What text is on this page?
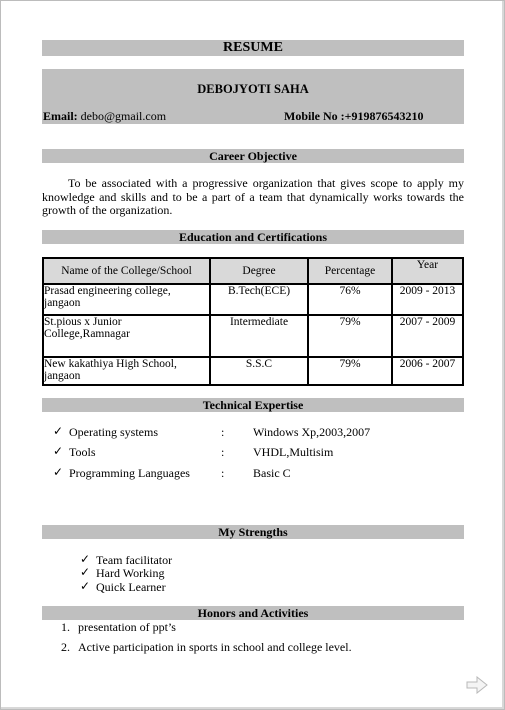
RESUME
DEBOJYOTI SAHA
Email: debo@gmail.com	Mobile No :+919876543210
Career Objective
To be associated with a progressive organization that gives scope to apply my knowledge and skills and to be a part of a team that dynamically works towards the growth of the organization.
Education and Certifications
Name of the College/School	Degree	Percentage	Year
Prasad engineering college, jangaon	B.Tech(ECE)	76%	2009 - 2013
St.pious x Junior College,Ramnagar	Intermediate	79%	2007 - 2009
New kakathiya High School, jangaon	S.S.C	79%	2006 - 2007
Technical Expertise
✓ Operating systems	: Windows Xp,2003,2007
✓ Tools	: VHDL,Multisim
✓ Programming Languages	: Basic C
My Strengths
✓ Team facilitator
✓ Hard Working
✓ Quick Learner
Honors and Activities
1. presentation of ppt’s
2. Active participation in sports in school and college level.
